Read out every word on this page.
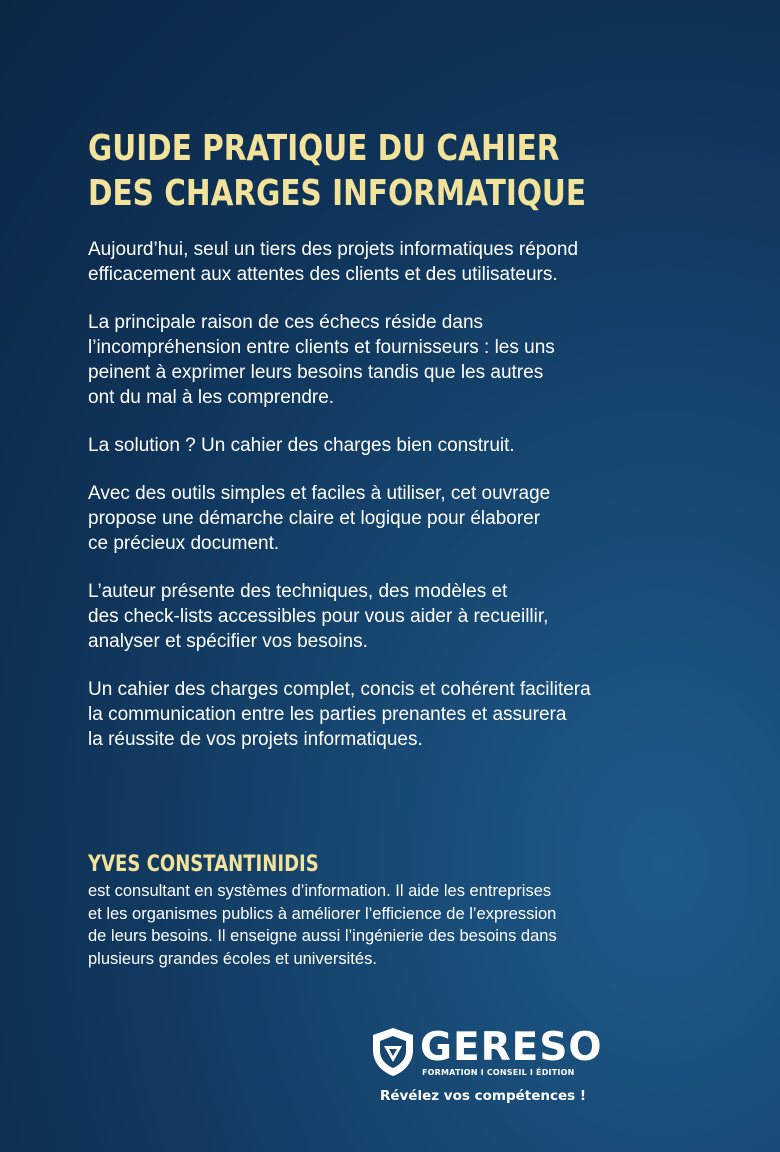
GUIDE PRATIQUE DU CAHIER
DES CHARGES INFORMATIQUE

Aujourd’hui, seul un tiers des projets informatiques répond
efficacement aux attentes des clients et des utilisateurs.

La principale raison de ces échecs réside dans
l’incompréhension entre clients et fournisseurs : les uns
peinent à exprimer leurs besoins tandis que les autres
ont du mal à les comprendre.

La solution ? Un cahier des charges bien construit.

Avec des outils simples et faciles à utiliser, cet ouvrage
propose une démarche claire et logique pour élaborer
ce précieux document.

L’auteur présente des techniques, des modèles et
des check-lists accessibles pour vous aider à recueillir,
analyser et spécifier vos besoins.

Un cahier des charges complet, concis et cohérent facilitera
la communication entre les parties prenantes et assurera
la réussite de vos projets informatiques.

YVES CONSTANTINIDIS

est consultant en systèmes d’information. Il aide les entreprises
et les organismes publics à améliorer l’efficience de l’expression
de leurs besoins. Il enseigne aussi l’ingénierie des besoins dans
plusieurs grandes écoles et universités.

GERESO
FORMATION I CONSEIL I ÉDITION
Révélez vos compétences !
